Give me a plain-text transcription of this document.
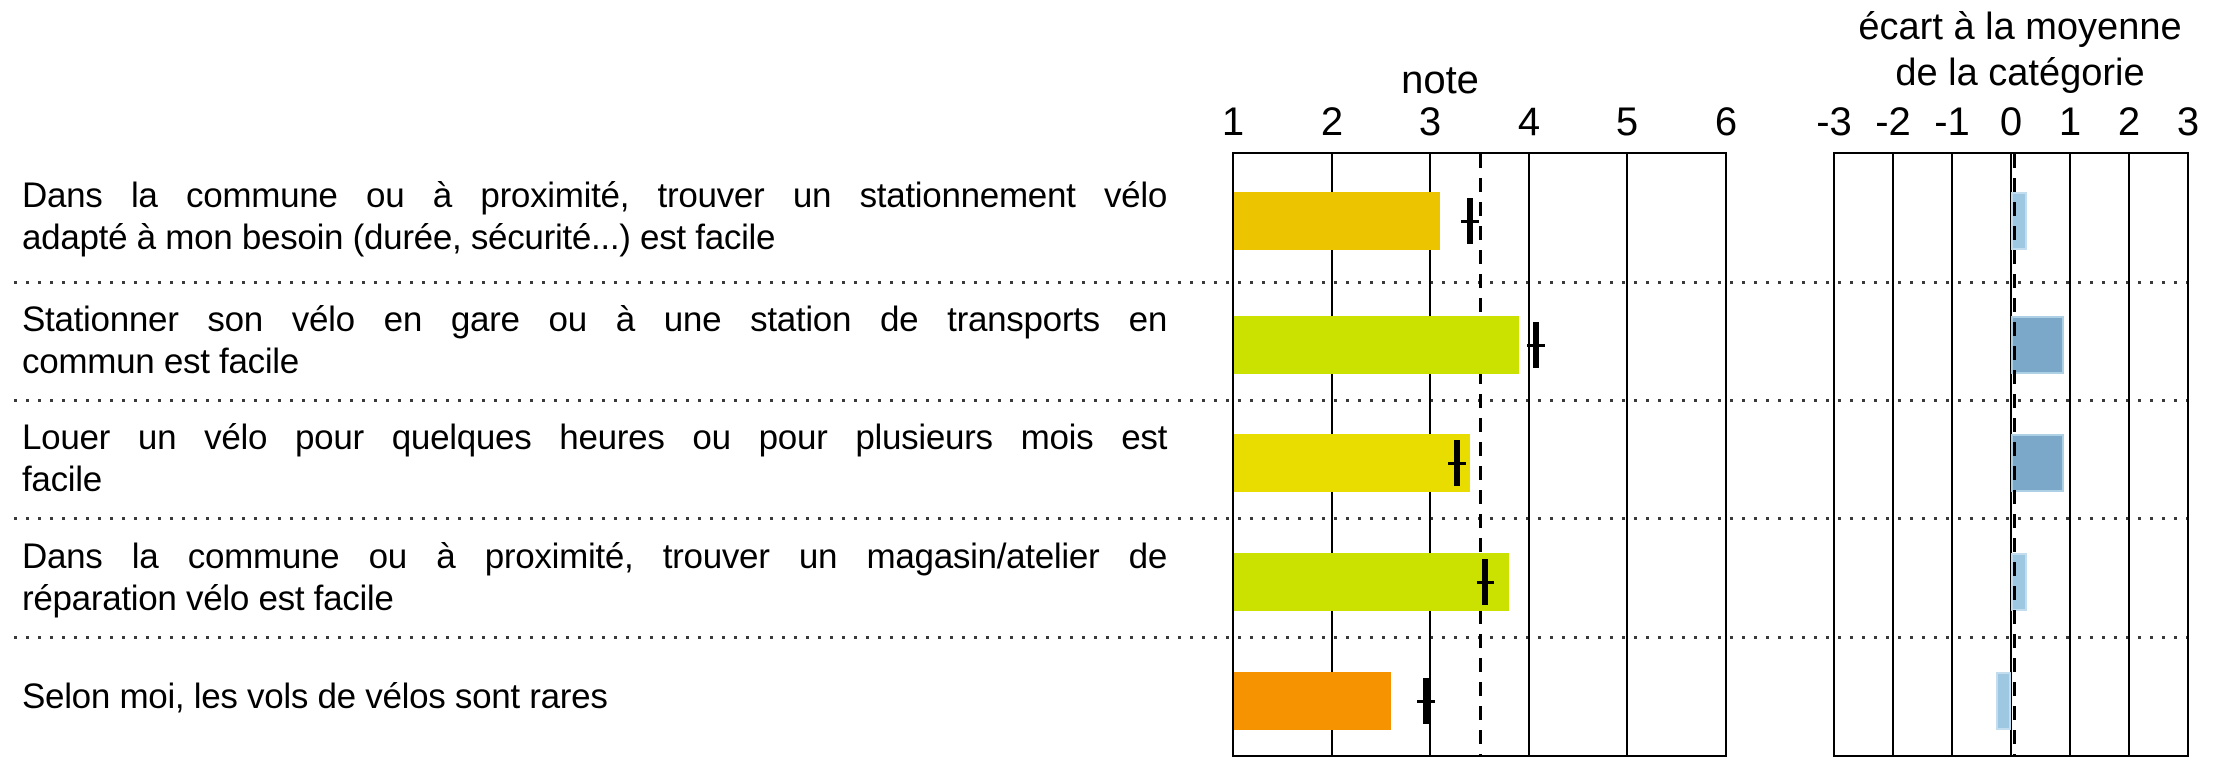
note
écart à la moyenne
de la catégorie
Dans la commune ou à proximité, trouver un stationnement vélo
adapté à mon besoin (durée, sécurité...) est facile
Stationner son vélo en gare ou à une station de transports en
commun est facile
Louer un vélo pour quelques heures ou pour plusieurs mois est
facile
Dans la commune ou à proximité, trouver un magasin/atelier de
réparation vélo est facile
Selon moi, les vols de vélos sont rares
1 2 3 4 5 6 -3 -2 -1 0 1 2 3
